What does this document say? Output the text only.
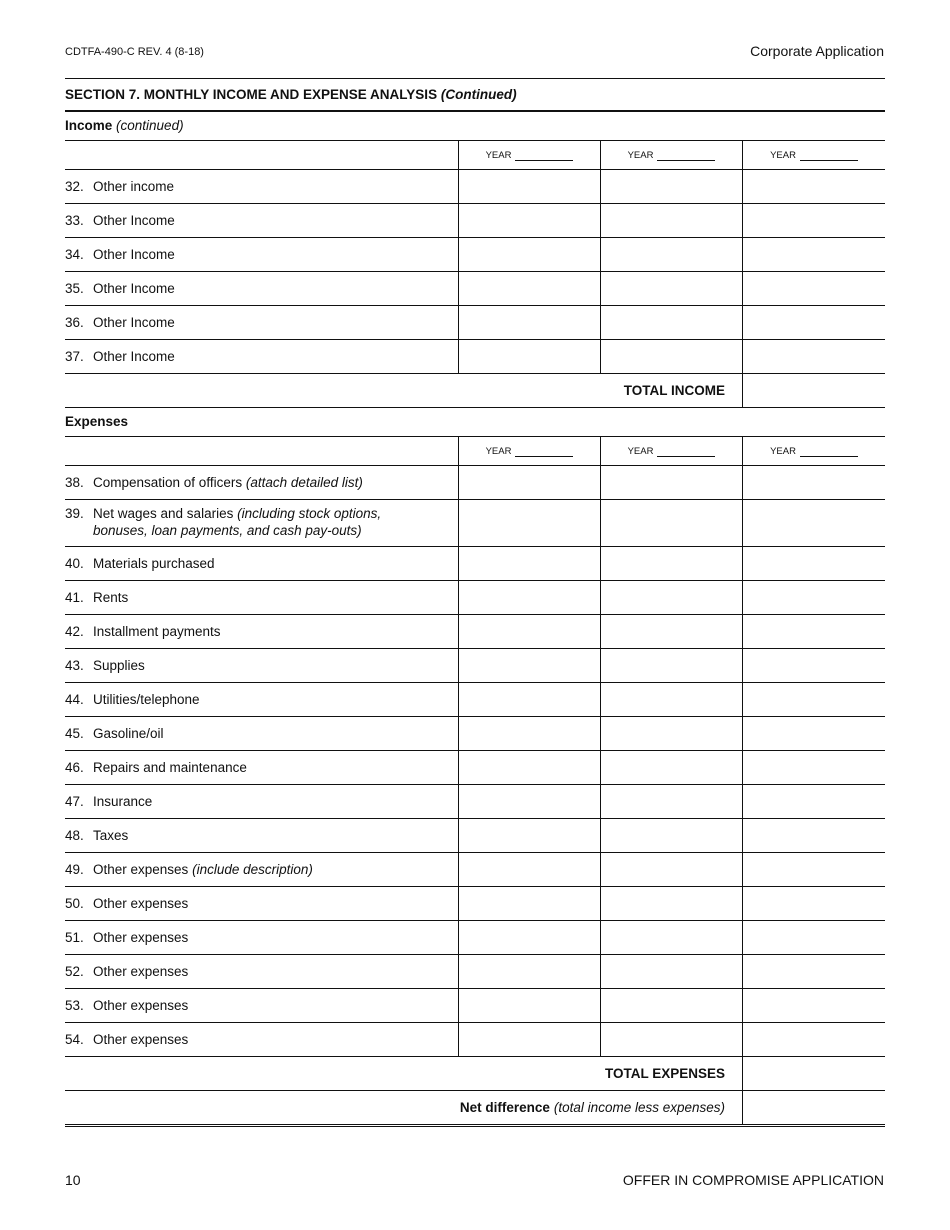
CDTFA-490-C REV. 4 (8-18)	Corporate Application
SECTION 7. MONTHLY INCOME AND EXPENSE ANALYSIS (Continued)
Income (continued)
YEAR	YEAR	YEAR
32. Other income
33. Other Income
34. Other Income
35. Other Income
36. Other Income
37. Other Income
TOTAL INCOME
Expenses
YEAR	YEAR	YEAR
38. Compensation of officers (attach detailed list)
39. Net wages and salaries (including stock options,
bonuses, loan payments, and cash pay-outs)
40. Materials purchased
41. Rents
42. Installment payments
43. Supplies
44. Utilities/telephone
45. Gasoline/oil
46. Repairs and maintenance
47. Insurance
48. Taxes
49. Other expenses (include description)
50. Other expenses
51. Other expenses
52. Other expenses
53. Other expenses
54. Other expenses
TOTAL EXPENSES
Net difference (total income less expenses)
10	OFFER IN COMPROMISE APPLICATION
